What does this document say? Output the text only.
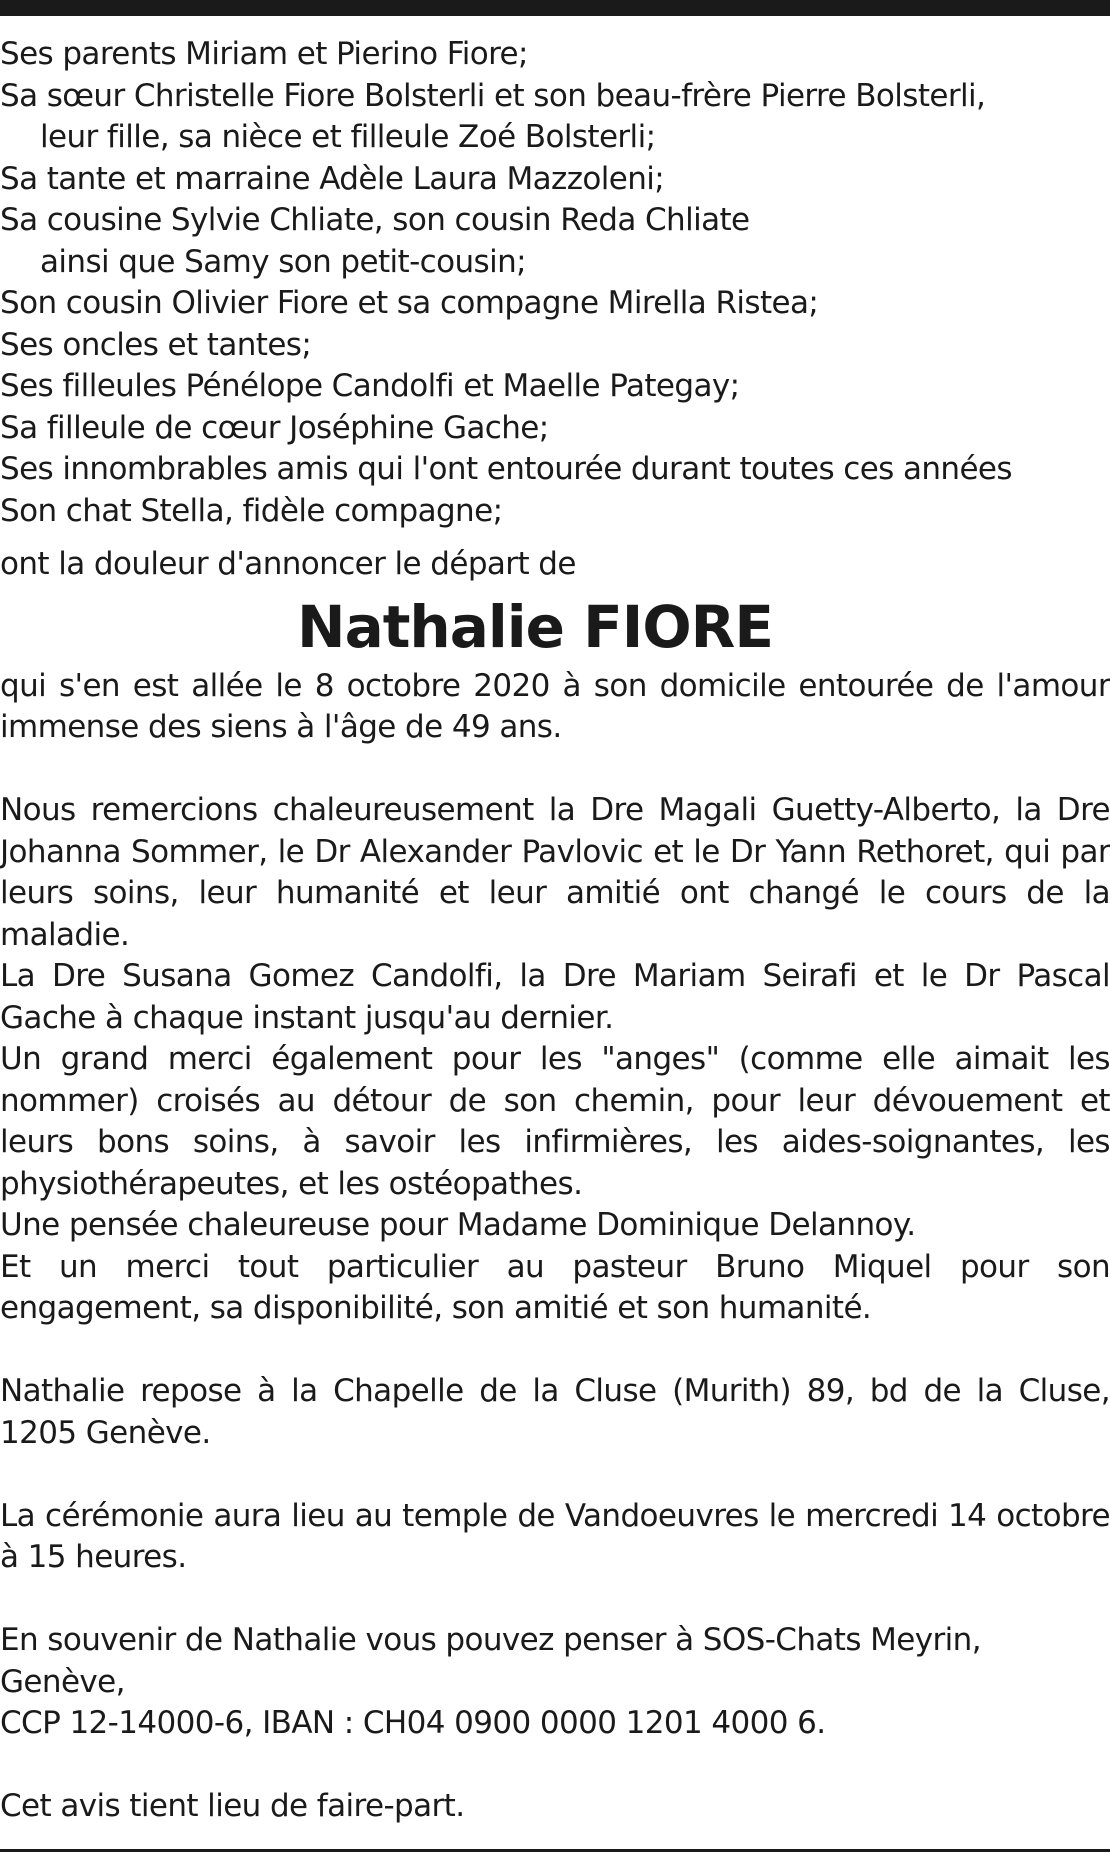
Ses parents Miriam et Pierino Fiore;
Sa sœur Christelle Fiore Bolsterli et son beau-frère Pierre Bolsterli,
leur fille, sa nièce et filleule Zoé Bolsterli;
Sa tante et marraine Adèle Laura Mazzoleni;
Sa cousine Sylvie Chliate, son cousin Reda Chliate
ainsi que Samy son petit-cousin;
Son cousin Olivier Fiore et sa compagne Mirella Ristea;
Ses oncles et tantes;
Ses filleules Pénélope Candolfi et Maelle Pategay;
Sa filleule de cœur Joséphine Gache;
Ses innombrables amis qui l'ont entourée durant toutes ces années
Son chat Stella, fidèle compagne;
ont la douleur d'annoncer le départ de
Nathalie FIORE
qui s'en est allée le 8 octobre 2020 à son domicile entourée de l'amour immense des siens à l'âge de 49 ans.
Nous remercions chaleureusement la Dre Magali Guetty-Alberto, la Dre Johanna Sommer, le Dr Alexander Pavlovic et le Dr Yann Rethoret, qui par leurs soins, leur humanité et leur amitié ont changé le cours de la maladie.
La Dre Susana Gomez Candolfi, la Dre Mariam Seirafi et le Dr Pascal Gache à chaque instant jusqu'au dernier.
Un grand merci également pour les "anges" (comme elle aimait les nommer) croisés au détour de son chemin, pour leur dévouement et leurs bons soins, à savoir les infirmières, les aides-soignantes, les physiothérapeutes, et les ostéopathes.
Une pensée chaleureuse pour Madame Dominique Delannoy.
Et un merci tout particulier au pasteur Bruno Miquel pour son engagement, sa disponibilité, son amitié et son humanité.
Nathalie repose à la Chapelle de la Cluse (Murith) 89, bd de la Cluse, 1205 Genève.
La cérémonie aura lieu au temple de Vandoeuvres le mercredi 14 octobre à 15 heures.
En souvenir de Nathalie vous pouvez penser à SOS-Chats Meyrin, Genève,
CCP 12-14000-6, IBAN : CH04 0900 0000 1201 4000 6.
Cet avis tient lieu de faire-part.
